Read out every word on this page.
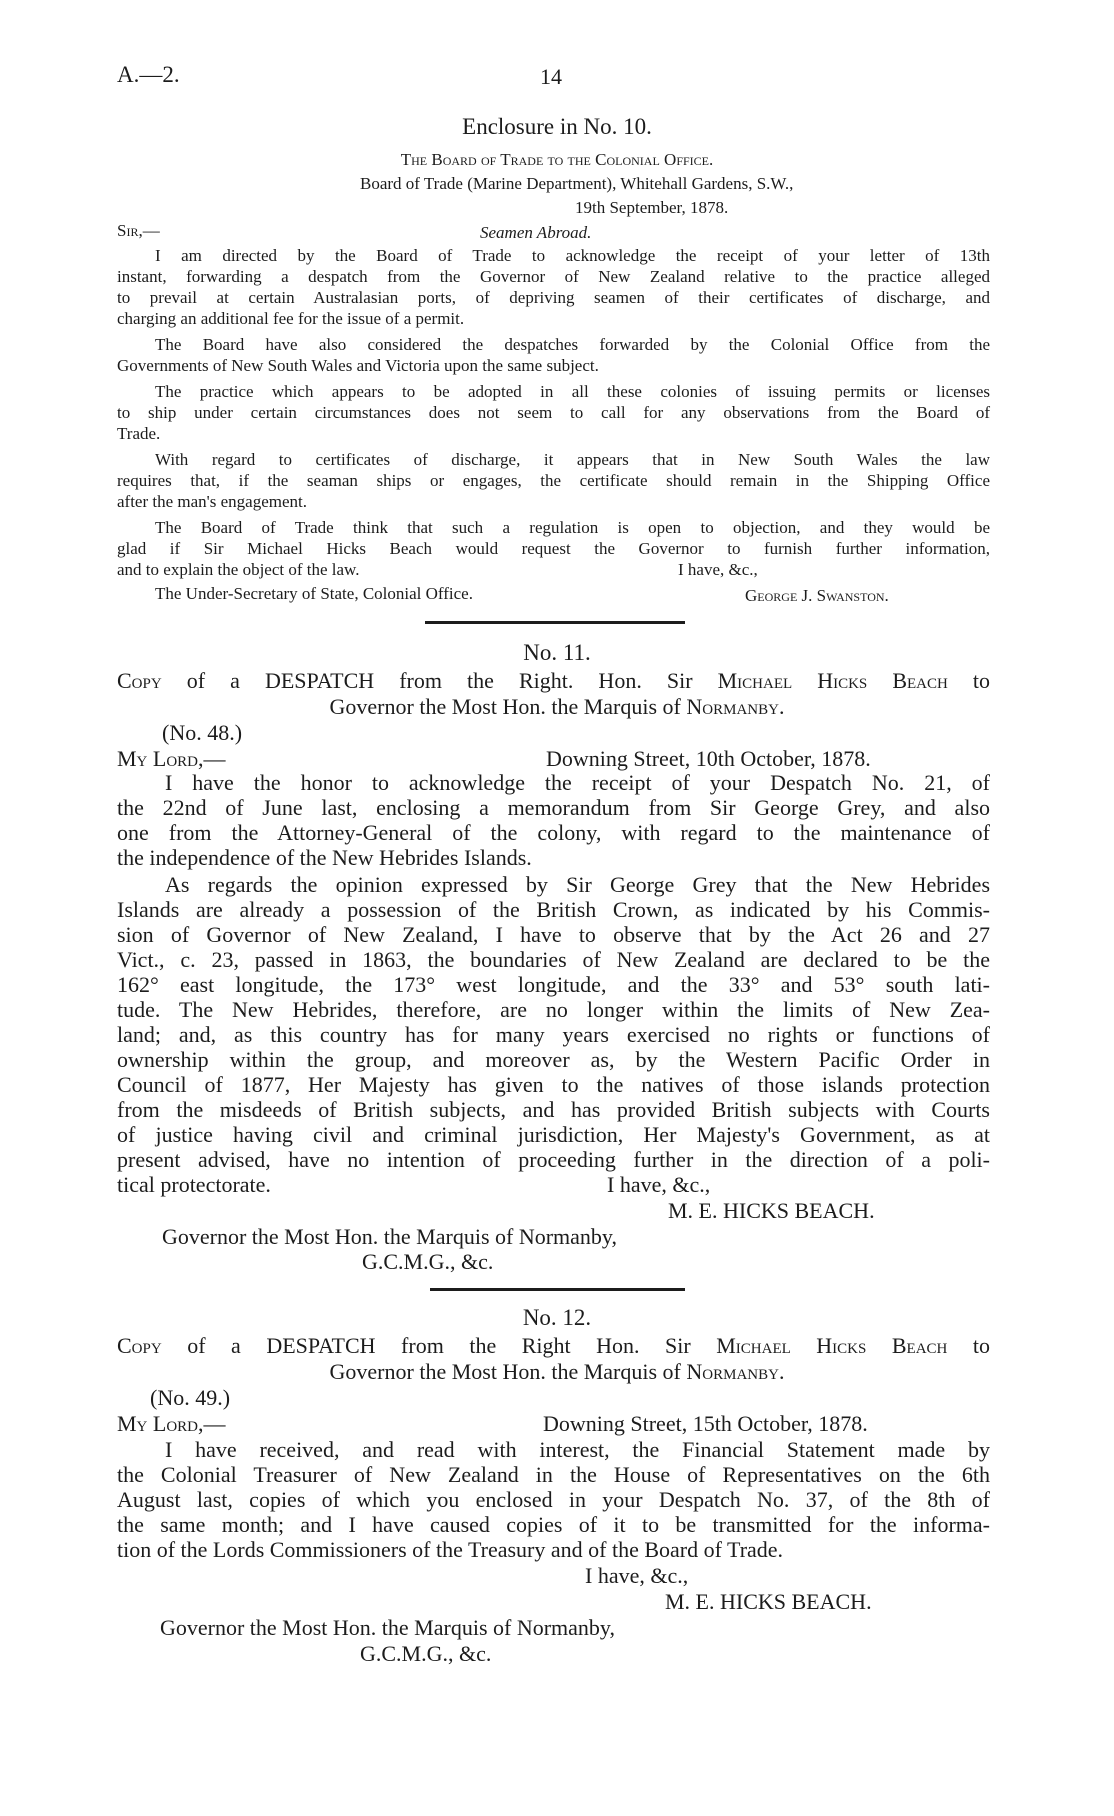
A.—2.	14
Enclosure in No. 10.
The Board of Trade to the Colonial Office.
Board of Trade (Marine Department), Whitehall Gardens, S.W.,
19th September, 1878.
Sir,—	Seamen Abroad.
I am directed by the Board of Trade to acknowledge the receipt of your letter of 13th
instant, forwarding a despatch from the Governor of New Zealand relative to the practice alleged
to prevail at certain Australasian ports, of depriving seamen of their certificates of discharge, and
charging an additional fee for the issue of a permit.
The Board have also considered the despatches forwarded by the Colonial Office from the
Governments of New South Wales and Victoria upon the same subject.
The practice which appears to be adopted in all these colonies of issuing permits or licenses
to ship under certain circumstances does not seem to call for any observations from the Board of
Trade.
With regard to certificates of discharge, it appears that in New South Wales the law
requires that, if the seaman ships or engages, the certificate should remain in the Shipping Office
after the man's engagement.
The Board of Trade think that such a regulation is open to objection, and they would be
glad if Sir Michael Hicks Beach would request the Governor to furnish further information,
and to explain the object of the law.	I have, &c.,
The Under-Secretary of State, Colonial Office.	George J. Swanston.
No. 11.
Copy of a DESPATCH from the Right. Hon. Sir Michael Hicks Beach to
Governor the Most Hon. the Marquis of Normanby.
(No. 48.)
My Lord,—	Downing Street, 10th October, 1878.
I have the honor to acknowledge the receipt of your Despatch No. 21, of
the 22nd of June last, enclosing a memorandum from Sir George Grey, and also
one from the Attorney-General of the colony, with regard to the maintenance of
the independence of the New Hebrides Islands.
As regards the opinion expressed by Sir George Grey that the New Hebrides
Islands are already a possession of the British Crown, as indicated by his Commis-
sion of Governor of New Zealand, I have to observe that by the Act 26 and 27
Vict., c. 23, passed in 1863, the boundaries of New Zealand are declared to be the
162° east longitude, the 173° west longitude, and the 33° and 53° south lati-
tude. The New Hebrides, therefore, are no longer within the limits of New Zea-
land; and, as this country has for many years exercised no rights or functions of
ownership within the group, and moreover as, by the Western Pacific Order in
Council of 1877, Her Majesty has given to the natives of those islands protection
from the misdeeds of British subjects, and has provided British subjects with Courts
of justice having civil and criminal jurisdiction, Her Majesty's Government, as at
present advised, have no intention of proceeding further in the direction of a poli-
tical protectorate.	I have, &c.,
M. E. HICKS BEACH.
Governor the Most Hon. the Marquis of Normanby,
G.C.M.G., &c.
No. 12.
Copy of a DESPATCH from the Right Hon. Sir Michael Hicks Beach to
Governor the Most Hon. the Marquis of Normanby.
(No. 49.)
My Lord,—	Downing Street, 15th October, 1878.
I have received, and read with interest, the Financial Statement made by
the Colonial Treasurer of New Zealand in the House of Representatives on the 6th
August last, copies of which you enclosed in your Despatch No. 37, of the 8th of
the same month; and I have caused copies of it to be transmitted for the informa-
tion of the Lords Commissioners of the Treasury and of the Board of Trade.
I have, &c.,
M. E. HICKS BEACH.
Governor the Most Hon. the Marquis of Normanby,
G.C.M.G., &c.
